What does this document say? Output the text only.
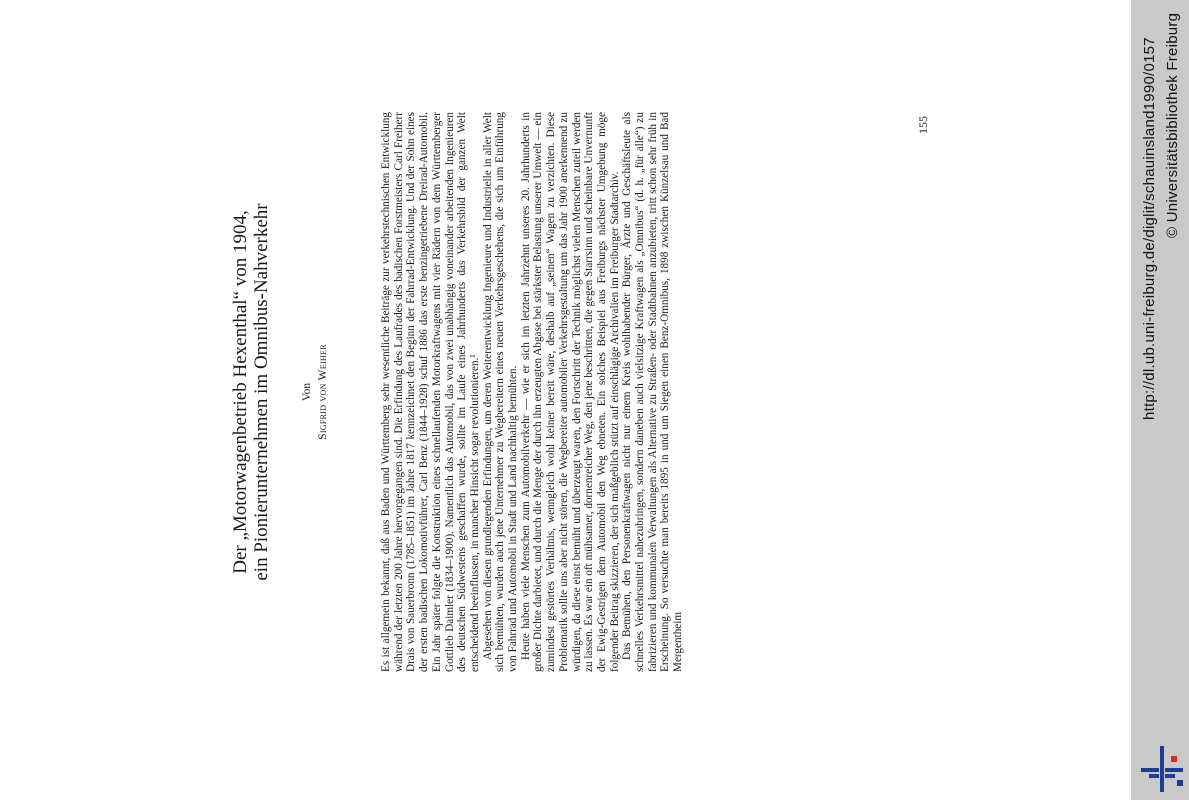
http://dl.ub.uni-freiburg.de/diglit/schauinsland1990/0157 © Universitätsbibliothek Freiburg
Der „Motorwagenbetrieb Hexenthal“ von 1904, ein Pionierunternehmen im Omnibus-Nahverkehr	Von Sigfrid von Weiher	Es ist allgemein bekannt, daß aus Baden und Württemberg sehr wesentliche Beiträge zur verkehrstechnischen Entwicklung während der letzten 200 Jahre hervorgegangen sind. Die Erfindung des Laufrades des badischen Forstmeisters Carl Freiherr Drais von Sauerbronn (1785–1851) im Jahre 1817 kennzeichnet den Beginn der Fahrrad-Entwicklung. Und der Sohn eines der ersten badischen Lokomotivführer, Carl Benz (1844–1928) schuf 1886 das erste benzingetriebene Dreirad-Automobil. Ein Jahr später folgte die Konstruktion eines schnellaufenden Motorkraftwagens mit vier Rädern von dem Württemberger Gottlieb Daimler (1834–1900). Namentlich das Automobil, das von zwei unabhängig voneinander arbeitenden Ingenieuren des deutschen Südwestens geschaffen wurde, sollte im Laufe eines Jahrhunderts das Verkehrsbild der ganzen Welt entscheidend beeinflussen, in mancher Hinsicht sogar revolutionieren.¹ Abgesehen von diesen grundlegenden Erfindungen, um deren Weiterentwicklung Ingenieure und Industrielle in aller Welt sich bemühten, wurden auch jene Unternehmer zu Wegbereitern eines neuen Verkehrsgeschehens, die sich um Einführung von Fahrrad und Automobil in Stadt und Land nachhaltig bemühten. Heute haben viele Menschen zum Automobilverkehr — wie er sich im letzten Jahrzehnt unseres 20. Jahrhunderts in großer Dichte darbietet, und durch die Menge der durch ihn erzeugten Abgase bei stärkster Belastung unserer Umwelt — ein zumindest gestörtes Verhältnis, wenngleich wohl keiner bereit wäre, deshalb auf „seinen“ Wagen zu verzichten. Diese Problematik sollte uns aber nicht stören, die Wegbereiter automobiler Verkehrsgestaltung um das Jahr 1900 anerkennend zu würdigen, da diese einst bemüht und überzeugt waren, den Fortschritt der Technik möglichst vielen Menschen zuteil werden zu lassen. Es war ein oft mühsamer, dornenreicher Weg, den jene beschritten, die gegen Starrsinn und scheinbare Unvernunft der Ewig-Gestrigen dem Automobil den Weg ebneten. Ein solches Beispiel aus Freiburgs nächster Umgebung möge folgender Beitrag skizzieren, der sich maßgeblich stützt auf einschlägige Archivalien im Freiburger Stadtarchiv. Das Bemühen, den Personenkraftwagen nicht nur einem Kreis wohlhabender Bürger, Ärzte und Geschäftsleute als schnelles Verkehrsmittel nahezubringen, sondern daneben auch vielsitzige Kraftwagen als „Omnibus“ (d. h. „für alle“) zu fabrizieren und kommunalen Verwaltungen als Alternative zu Straßen- oder Stadtbahnen anzubieten, tritt schon sehr früh in Erscheinung. So versuchte man bereits 1895 in und um Siegen einen Benz-Omnibus, 1898 zwischen Künzelsau und Bad Mergentheim

155
